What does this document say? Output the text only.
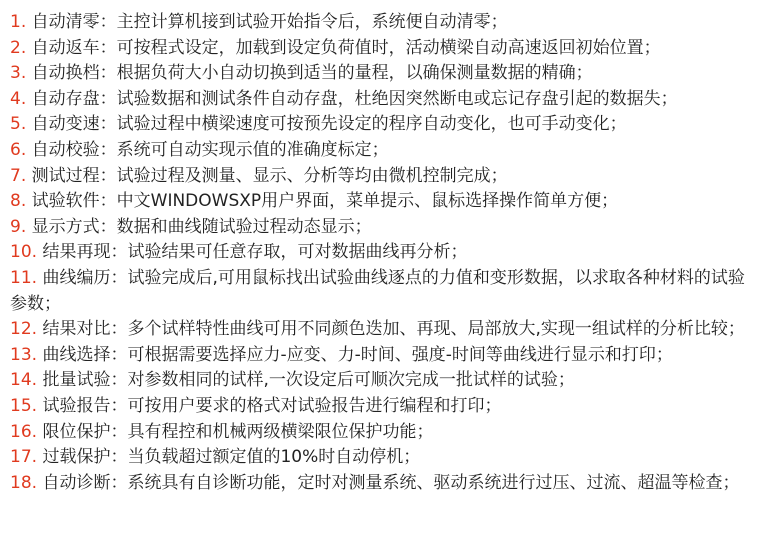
1. 自动清零：主控计算机接到试验开始指令后，系统便自动清零；

2. 自动返车：可按程式设定，加载到设定负荷值时，活动横梁自动高速返回初始位置；

3. 自动换档：根据负荷大小自动切换到适当的量程，以确保测量数据的精确；

4. 自动存盘：试验数据和测试条件自动存盘，杜绝因突然断电或忘记存盘引起的数据失；

5. 自动变速：试验过程中横梁速度可按预先设定的程序自动变化，也可手动变化；

6. 自动校验：系统可自动实现示值的准确度标定；

7. 测试过程：试验过程及测量、显示、分析等均由微机控制完成；

8. 试验软件：中文WINDOWSXP用户界面，菜单提示、鼠标选择操作简单方便；

9. 显示方式：数据和曲线随试验过程动态显示；

10. 结果再现：试验结果可任意存取，可对数据曲线再分析；

11. 曲线编历：试验完成后,可用鼠标找出试验曲线逐点的力值和变形数据，以求取各种材料的试验参数；

12. 结果对比：多个试样特性曲线可用不同颜色迭加、再现、局部放大,实现一组试样的分析比较；

13. 曲线选择：可根据需要选择应力-应变、力-时间、强度-时间等曲线进行显示和打印；

14. 批量试验：对参数相同的试样,一次设定后可顺次完成一批试样的试验；

15. 试验报告：可按用户要求的格式对试验报告进行编程和打印；

16. 限位保护：具有程控和机械两级横梁限位保护功能；

17. 过载保护：当负载超过额定值的10%时自动停机；

18. 自动诊断：系统具有自诊断功能，定时对测量系统、驱动系统进行过压、过流、超温等检查；
